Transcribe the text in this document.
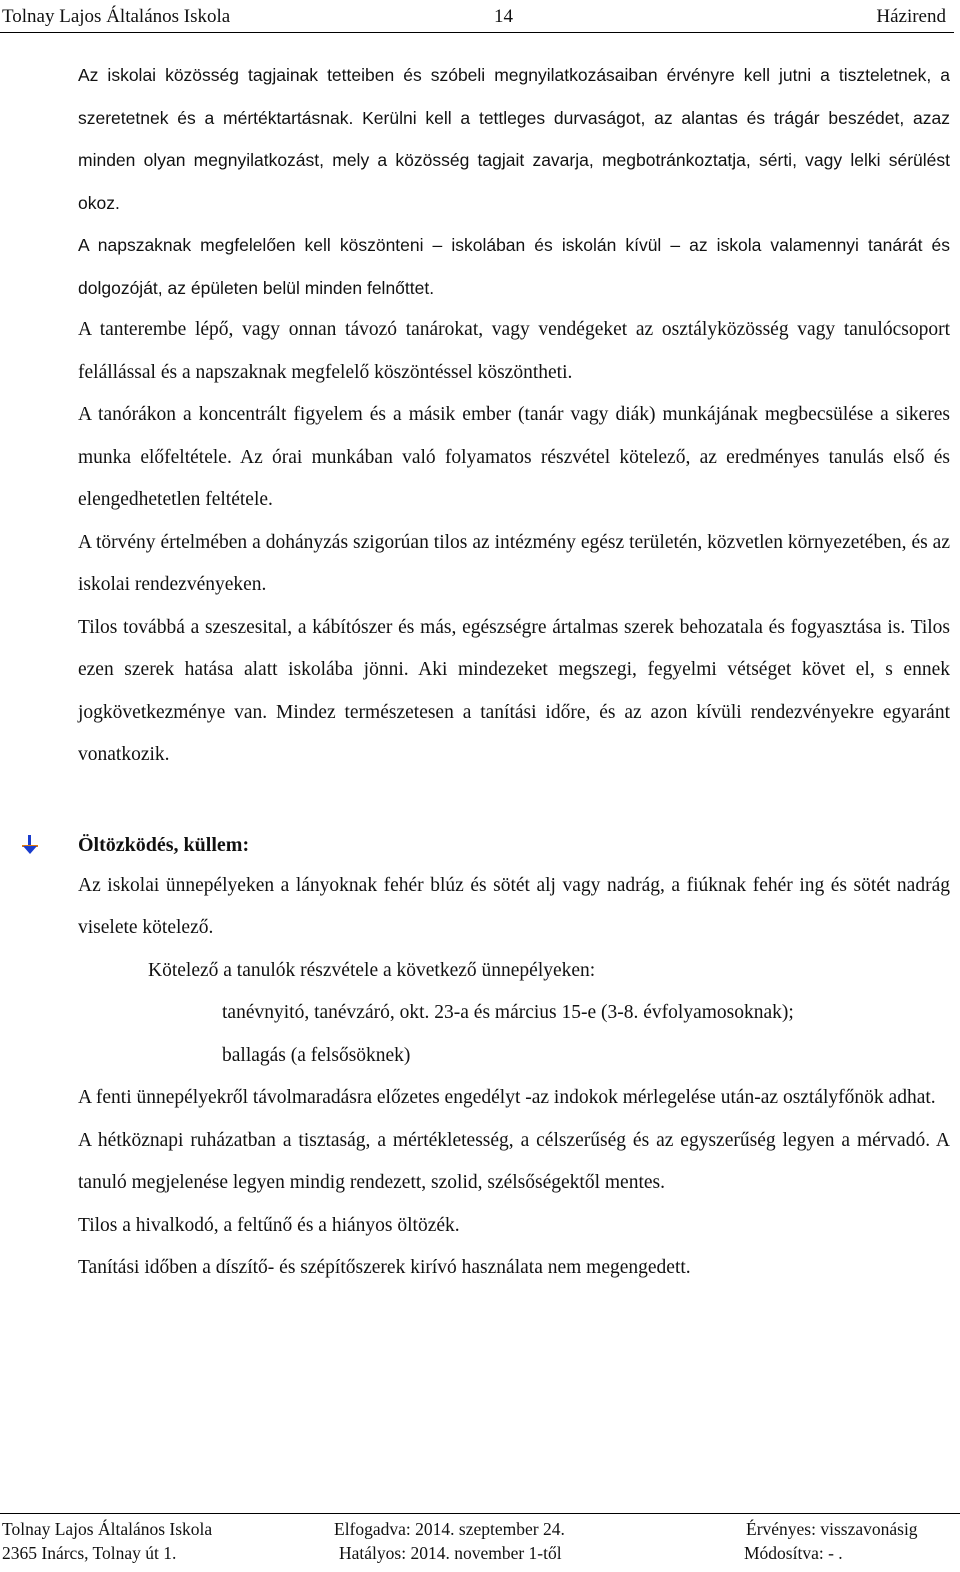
Tolnay Lajos Általános Iskola	14	Házirend

Az iskolai közösség tagjainak tetteiben és szóbeli megnyilatkozásaiban érvényre kell jutni a tiszteletnek, a szeretetnek és a mértéktartásnak. Kerülni kell a tettleges durvaságot, az alantas és trágár beszédet, azaz minden olyan megnyilatkozást, mely a közösség tagjait zavarja, megbotránkoztatja, sérti, vagy lelki sérülést okoz.

A napszaknak megfelelően kell köszönteni – iskolában és iskolán kívül – az iskola valamennyi tanárát és dolgozóját, az épületen belül minden felnőttet.

A tanterembe lépő, vagy onnan távozó tanárokat, vagy vendégeket az osztályközösség vagy tanulócsoport felállással és a napszaknak megfelelő köszöntéssel köszöntheti.

A tanórákon a koncentrált figyelem és a másik ember (tanár vagy diák) munkájának megbecsülése a sikeres munka előfeltétele. Az órai munkában való folyamatos részvétel kötelező, az eredményes tanulás első és elengedhetetlen feltétele.

A törvény értelmében a dohányzás szigorúan tilos az intézmény egész területén, közvetlen környezetében, és az iskolai rendezvényeken.

Tilos továbbá a szeszesital, a kábítószer és más, egészségre ártalmas szerek behozatala és fogyasztása is. Tilos ezen szerek hatása alatt iskolába jönni. Aki mindezeket megszegi, fegyelmi vétséget követ el, s ennek jogkövetkezménye van. Mindez természetesen a tanítási időre, és az azon kívüli rendezvényekre egyaránt vonatkozik.

Öltözködés, küllem:

Az iskolai ünnepélyeken a lányoknak fehér blúz és sötét alj vagy nadrág, a fiúknak fehér ing és sötét nadrág viselete kötelező.

Kötelező a tanulók részvétele a következő ünnepélyeken:

tanévnyitó, tanévzáró, okt. 23-a és március 15-e (3-8. évfolyamosoknak);

ballagás (a felsősöknek)

A fenti ünnepélyekről távolmaradásra előzetes engedélyt -az indokok mérlegelése után-az osztályfőnök adhat.

A hétköznapi ruházatban a tisztaság, a mértékletesség, a célszerűség és az egyszerűség legyen a mérvadó. A tanuló megjelenése legyen mindig rendezett, szolid, szélsőségektől mentes.

Tilos a hivalkodó, a feltűnő és a hiányos öltözék.

Tanítási időben a díszítő- és szépítőszerek kirívó használata nem megengedett.

Tolnay Lajos Általános Iskola
2365 Inárcs, Tolnay út 1.
Elfogadva: 2014. szeptember 24.
Hatályos: 2014. november 1-től
Érvényes: visszavonásig
Módosítva: - .
